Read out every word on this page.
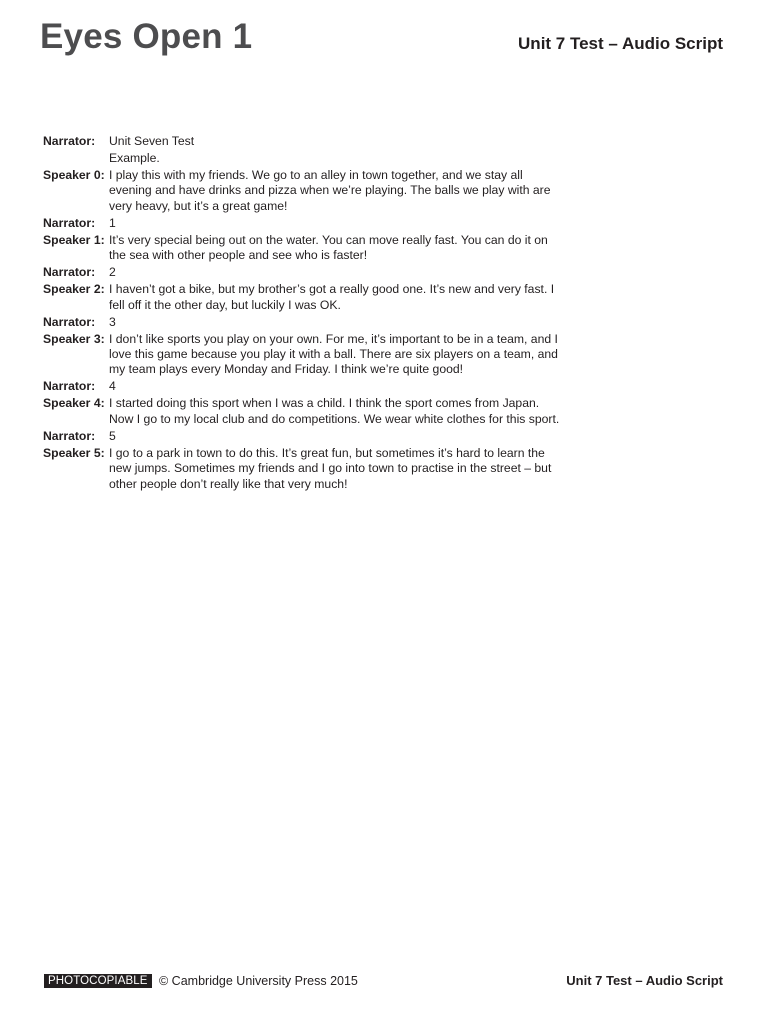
Eyes Open 1	Unit 7 Test – Audio Script
Narrator:	Unit Seven Test
Example.
Speaker 0: I play this with my friends. We go to an alley in town together, and we stay all evening and have drinks and pizza when we’re playing. The balls we play with are very heavy, but it’s a great game!
Narrator:	1
Speaker 1: It’s very special being out on the water. You can move really fast. You can do it on the sea with other people and see who is faster!
Narrator:	2
Speaker 2: I haven’t got a bike, but my brother’s got a really good one. It’s new and very fast. I fell off it the other day, but luckily I was OK.
Narrator:	3
Speaker 3: I don’t like sports you play on your own. For me, it’s important to be in a team, and I love this game because you play it with a ball. There are six players on a team, and my team plays every Monday and Friday. I think we’re quite good!
Narrator:	4
Speaker 4: I started doing this sport when I was a child. I think the sport comes from Japan. Now I go to my local club and do competitions. We wear white clothes for this sport.
Narrator:	5
Speaker 5: I go to a park in town to do this. It’s great fun, but sometimes it’s hard to learn the new jumps. Sometimes my friends and I go into town to practise in the street – but other people don’t really like that very much!
PHOTOCOPIABLE © Cambridge University Press 2015	Unit 7 Test – Audio Script
